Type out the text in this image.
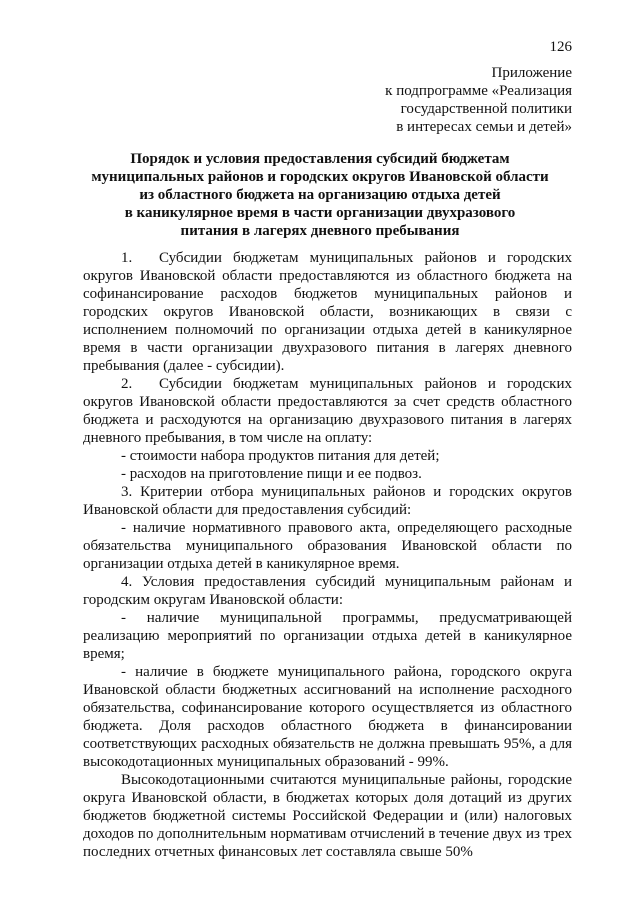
126
Приложение
к подпрограмме «Реализация
государственной политики
в интересах семьи и детей»
Порядок и условия предоставления субсидий бюджетам
муниципальных районов и городских округов Ивановской области
из областного бюджета на организацию отдыха детей
в каникулярное время в части организации двухразового
питания в лагерях дневного пребывания

1. Субсидии бюджетам муниципальных районов и городских округов Ивановской области предоставляются из областного бюджета на софинансирование расходов бюджетов муниципальных районов и городских округов Ивановской области, возникающих в связи с исполнением полномочий по организации отдыха детей в каникулярное время в части организации двухразового питания в лагерях дневного пребывания (далее - субсидии).

2. Субсидии бюджетам муниципальных районов и городских округов Ивановской области предоставляются за счет средств областного бюджета и расходуются на организацию двухразового питания в лагерях дневного пребывания, в том числе на оплату:

- стоимости набора продуктов питания для детей;

- расходов на приготовление пищи и ее подвоз.

3. Критерии отбора муниципальных районов и городских округов Ивановской области для предоставления субсидий:

- наличие нормативного правового акта, определяющего расходные обязательства муниципального образования Ивановской области по организации отдыха детей в каникулярное время.

4. Условия предоставления субсидий муниципальным районам и городским округам Ивановской области:

- наличие муниципальной программы, предусматривающей реализацию мероприятий по организации отдыха детей в каникулярное время;

- наличие в бюджете муниципального района, городского округа Ивановской области бюджетных ассигнований на исполнение расходного обязательства, софинансирование которого осуществляется из областного бюджета. Доля расходов областного бюджета в финансировании соответствующих расходных обязательств не должна превышать 95%, а для высокодотационных муниципальных образований - 99%.

Высокодотационными считаются муниципальные районы, городские округа Ивановской области, в бюджетах которых доля дотаций из других бюджетов бюджетной системы Российской Федерации и (или) налоговых доходов по дополнительным нормативам отчислений в течение двух из трех последних отчетных финансовых лет составляла свыше 50%
